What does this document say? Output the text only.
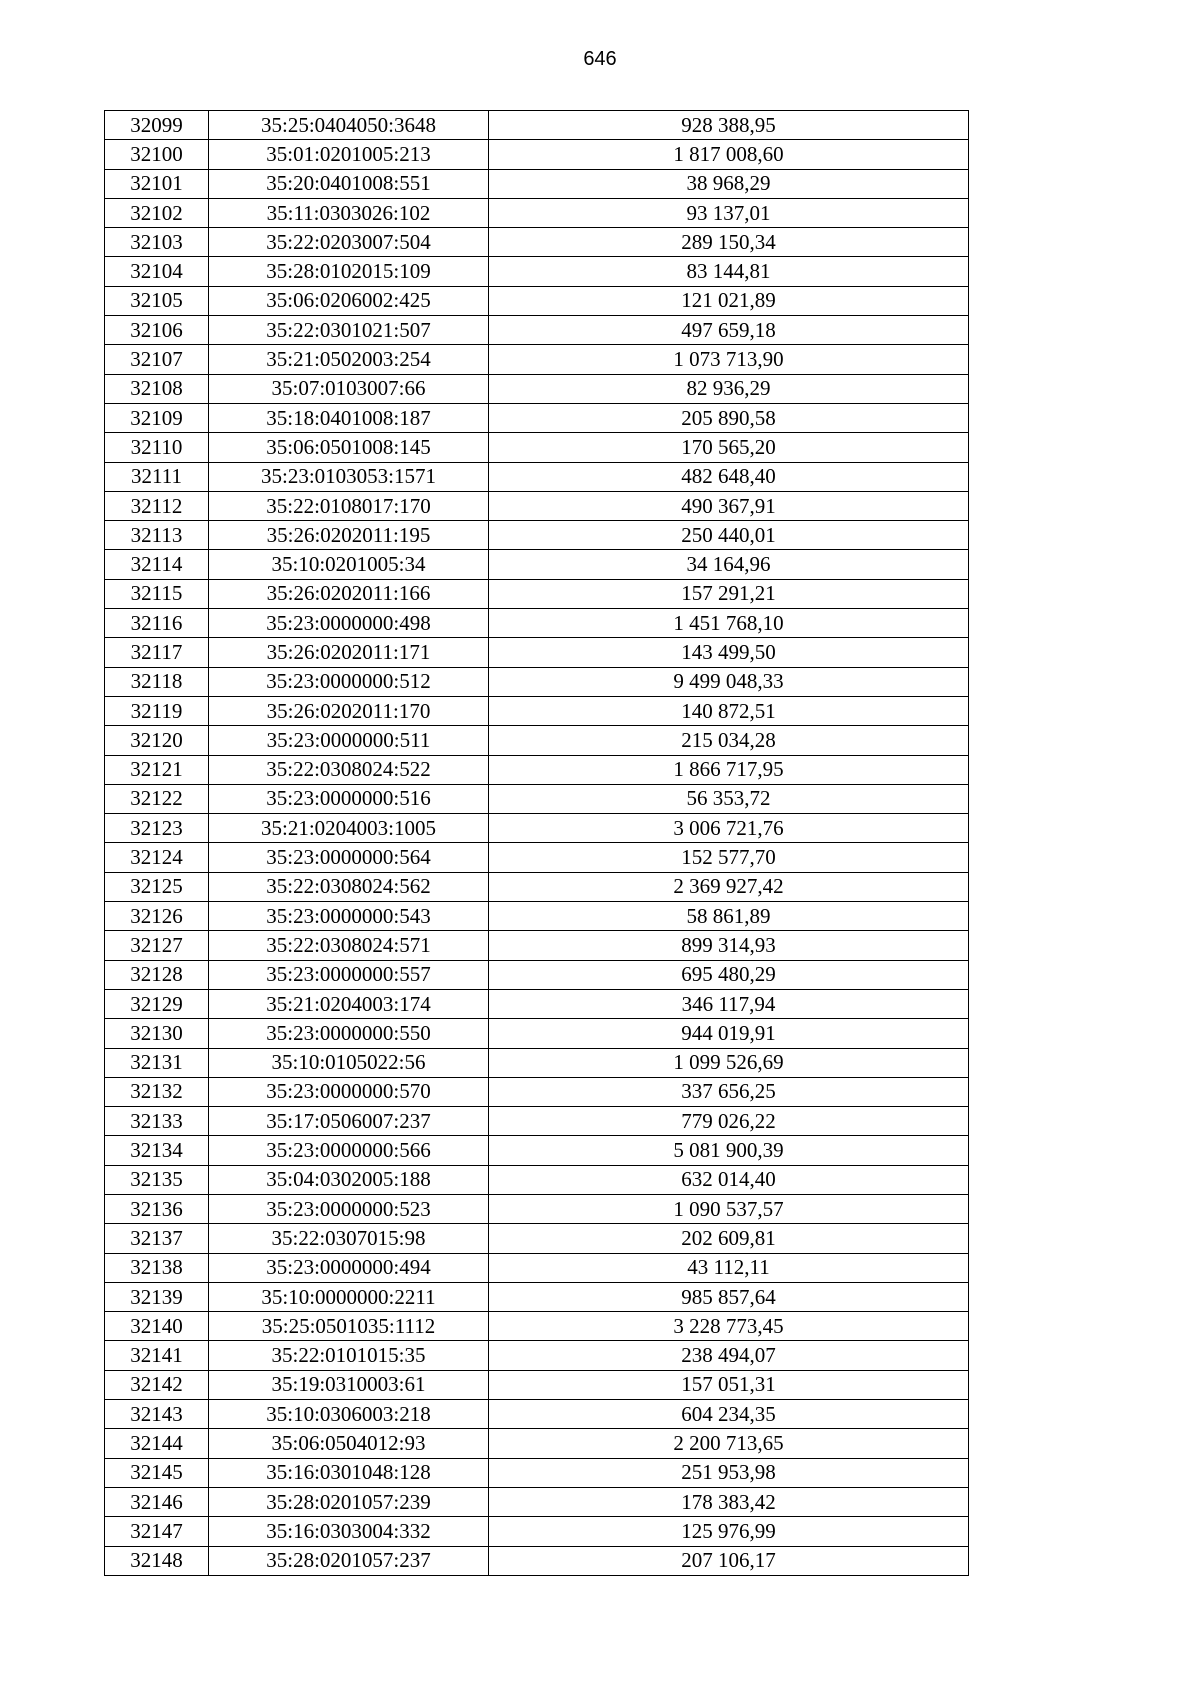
646
32099	35:25:0404050:3648	928 388,95
32100	35:01:0201005:213	1 817 008,60
32101	35:20:0401008:551	38 968,29
32102	35:11:0303026:102	93 137,01
32103	35:22:0203007:504	289 150,34
32104	35:28:0102015:109	83 144,81
32105	35:06:0206002:425	121 021,89
32106	35:22:0301021:507	497 659,18
32107	35:21:0502003:254	1 073 713,90
32108	35:07:0103007:66	82 936,29
32109	35:18:0401008:187	205 890,58
32110	35:06:0501008:145	170 565,20
32111	35:23:0103053:1571	482 648,40
32112	35:22:0108017:170	490 367,91
32113	35:26:0202011:195	250 440,01
32114	35:10:0201005:34	34 164,96
32115	35:26:0202011:166	157 291,21
32116	35:23:0000000:498	1 451 768,10
32117	35:26:0202011:171	143 499,50
32118	35:23:0000000:512	9 499 048,33
32119	35:26:0202011:170	140 872,51
32120	35:23:0000000:511	215 034,28
32121	35:22:0308024:522	1 866 717,95
32122	35:23:0000000:516	56 353,72
32123	35:21:0204003:1005	3 006 721,76
32124	35:23:0000000:564	152 577,70
32125	35:22:0308024:562	2 369 927,42
32126	35:23:0000000:543	58 861,89
32127	35:22:0308024:571	899 314,93
32128	35:23:0000000:557	695 480,29
32129	35:21:0204003:174	346 117,94
32130	35:23:0000000:550	944 019,91
32131	35:10:0105022:56	1 099 526,69
32132	35:23:0000000:570	337 656,25
32133	35:17:0506007:237	779 026,22
32134	35:23:0000000:566	5 081 900,39
32135	35:04:0302005:188	632 014,40
32136	35:23:0000000:523	1 090 537,57
32137	35:22:0307015:98	202 609,81
32138	35:23:0000000:494	43 112,11
32139	35:10:0000000:2211	985 857,64
32140	35:25:0501035:1112	3 228 773,45
32141	35:22:0101015:35	238 494,07
32142	35:19:0310003:61	157 051,31
32143	35:10:0306003:218	604 234,35
32144	35:06:0504012:93	2 200 713,65
32145	35:16:0301048:128	251 953,98
32146	35:28:0201057:239	178 383,42
32147	35:16:0303004:332	125 976,99
32148	35:28:0201057:237	207 106,17
